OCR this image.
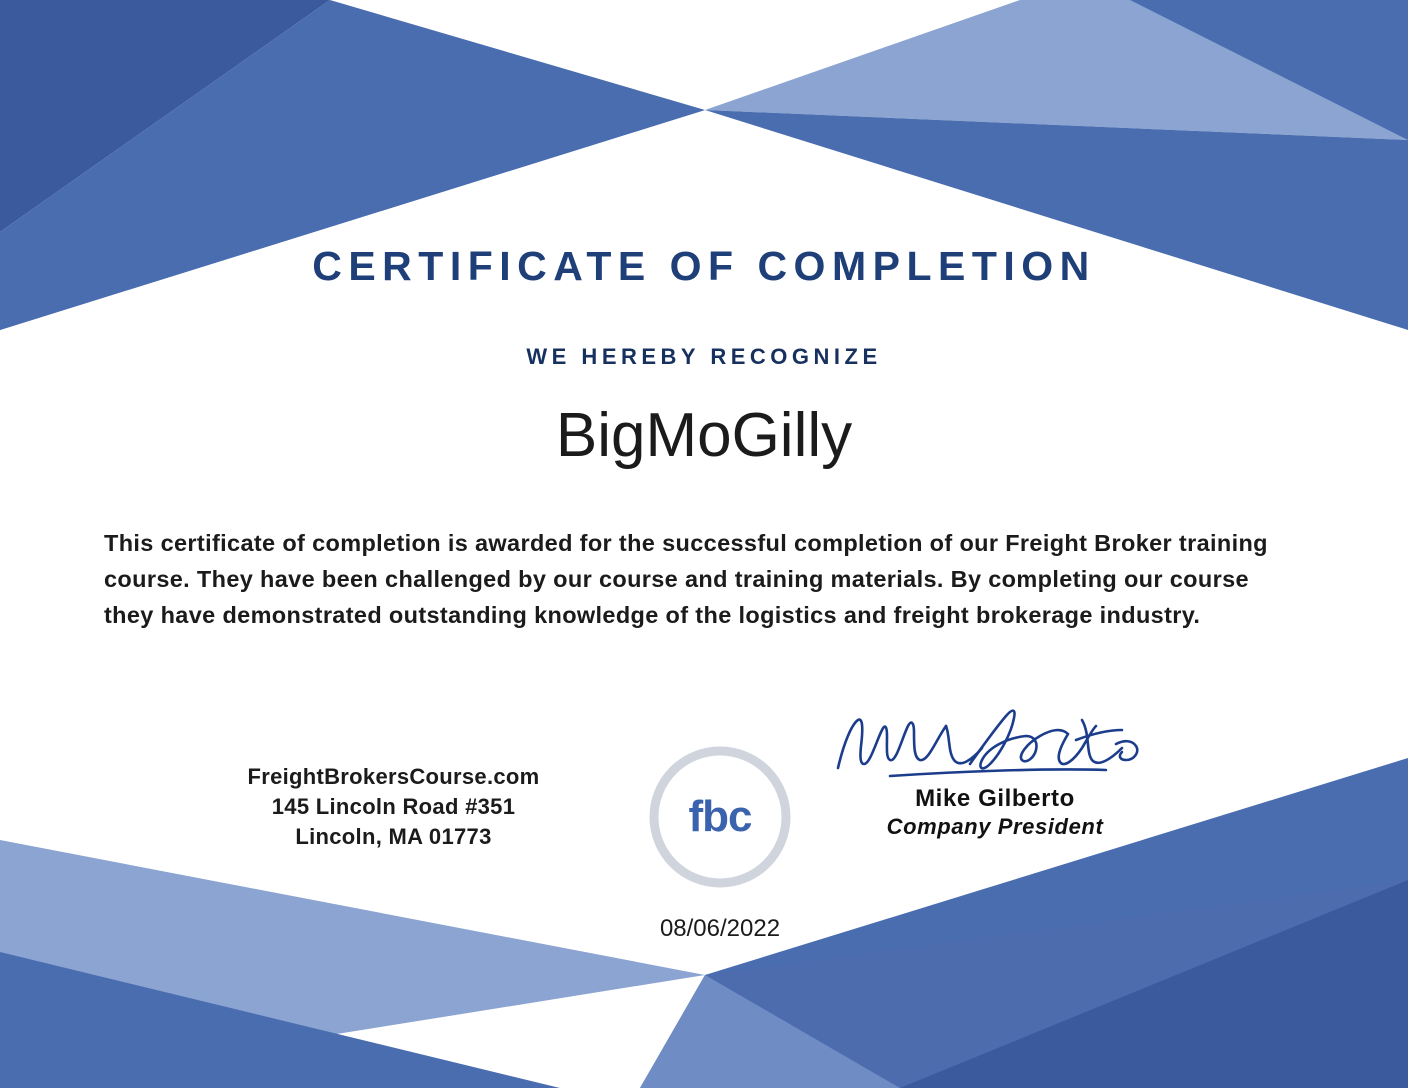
CERTIFICATE OF COMPLETION
WE HEREBY RECOGNIZE
BigMoGilly
This certificate of completion is awarded for the successful completion of our Freight Broker training course. They have been challenged by our course and training materials. By completing our course they have demonstrated outstanding knowledge of the logistics and freight brokerage industry.
FreightBrokersCourse.com
145 Lincoln Road #351
Lincoln, MA 01773	fbc	Mike Gilberto
Company President
08/06/2022
